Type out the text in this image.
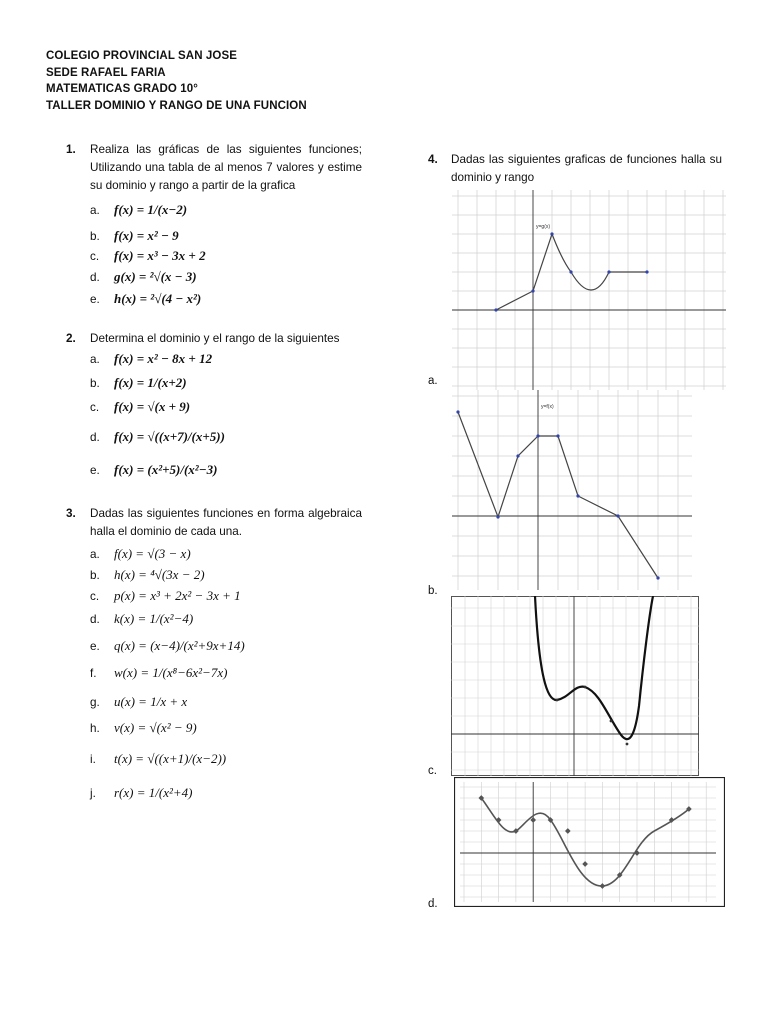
COLEGIO PROVINCIAL SAN JOSE
SEDE RAFAEL FARIA
MATEMATICAS GRADO 10°
TALLER DOMINIO Y RANGO DE UNA FUNCION
1. Realiza las gráficas de las siguientes funciones; Utilizando una tabla de al menos 7 valores y estime su dominio y rango a partir de la grafica
a. f(x) = 1/(x−2)
b. f(x) = x² − 9
c. f(x) = x³ − 3x + 2
d. g(x) = ²√(x − 3)
e. h(x) = ²√(4 − x²)
2. Determina el dominio y el rango de la siguientes
a. f(x) = x² − 8x + 12
b. f(x) = 1/(x+2)
c. f(x) = √(x + 9)
d. f(x) = √((x+7)/(x+5))
e. f(x) = (x²+5)/(x²−3)
3. Dadas las siguientes funciones en forma algebraica halla el dominio de cada una.
a. f(x) = √(3 − x)
b. h(x) = ⁴√(3x − 2)
c. p(x) = x³ + 2x² − 3x + 1
d. k(x) = 1/(x²−4)
e. q(x) = (x−4)/(x²+9x+14)
f. w(x) = 1/(x⁸−6x²−7x)
g. u(x) = 1/x + x
h. v(x) = √(x² − 9)
i. t(x) = √((x+1)/(x−2))
j. r(x) = 1/(x²+4)
4. Dadas las siguientes graficas de funciones halla su dominio y rango
a.
b.
c.
d.
y=g(x)
y=f(x)
